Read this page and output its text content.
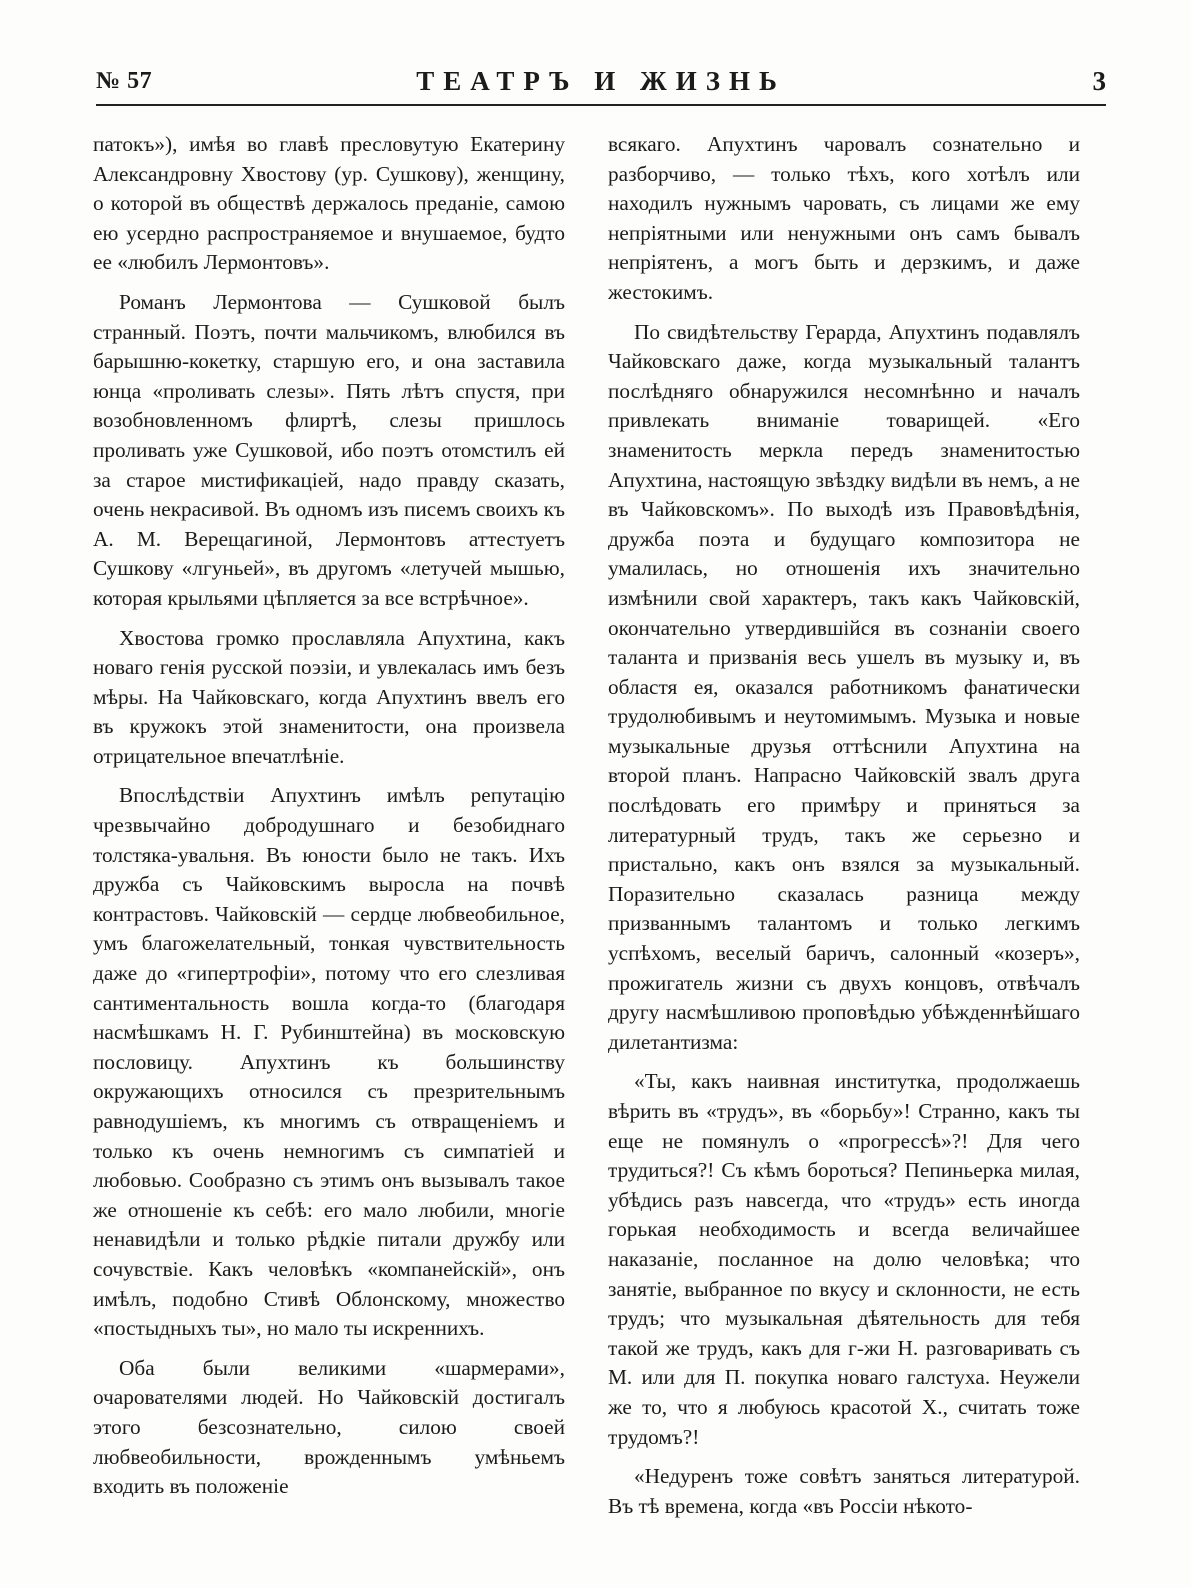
№ 57	ТЕАТРЪ И ЖИЗНЬ	3

патокъ»), имѣя во главѣ пресловутую Екатерину Александровну Хвостову (ур. Сушкову), женщину, о которой въ обществѣ держалось преданіе, самою ею усердно распространяемое и внушаемое, будто ее «любилъ Лермонтовъ».

Романъ Лермонтова — Сушковой былъ странный. Поэтъ, почти мальчикомъ, влюбился въ барышню-кокетку, старшую его, и она заставила юнца «проливать слезы». Пять лѣтъ спустя, при возобновленномъ флиртѣ, слезы пришлось проливать уже Сушковой, ибо поэтъ отомстилъ ей за старое мистификацiей, надо правду сказать, очень некрасивой. Въ одномъ изъ писемъ своихъ къ А. М. Верещагиной, Лермонтовъ аттестуетъ Сушкову «лгуньей», въ другомъ «летучей мышью, которая крыльями цѣпляется за все встрѣчное».

Хвостова громко прославляла Апухтина, какъ новаго генія русской поэзіи, и увлекалась имъ безъ мѣры. На Чайковскаго, когда Апухтинъ ввелъ его въ кружокъ этой знаменитости, она произвела отрицательное впечатлѣніе.

Впослѣдствіи Апухтинъ имѣлъ репутацію чрезвычайно добродушнаго и безобиднаго толстяка-увальня. Въ юности было не такъ. Ихъ дружба съ Чайковскимъ выросла на почвѣ контрастовъ. Чайковскій — сердце любвеобильное, умъ благожелательный, тонкая чувствительность даже до «гипертрофіи», потому что его слезливая сантиментальность вошла когда-то (благодаря насмѣшкамъ Н. Г. Рубинштейна) въ московскую пословицу. Апухтинъ къ большинству окружающихъ относился съ презрительнымъ равнодушіемъ, къ многимъ съ отвращеніемъ и только къ очень немногимъ съ симпатіей и любовью. Сообразно съ этимъ онъ вызывалъ такое же отношеніе къ себѣ: его мало любили, многіе ненавидѣли и только рѣдкіе питали дружбу или сочувствіе. Какъ человѣкъ «компанейскій», онъ имѣлъ, подобно Стивѣ Облонскому, множество «постыдныхъ ты», но мало ты искреннихъ.

Оба были великими «шармерами», очарователями людей. Но Чайковскій достигалъ этого безсознательно, силою своей любвеобильности, врожденнымъ умѣньемъ входить въ положеніе

всякаго. Апухтинъ чаровалъ сознательно и разборчиво, — только тѣхъ, кого хотѣлъ или находилъ нужнымъ чаровать, съ лицами же ему непріятными или ненужными онъ самъ бывалъ непріятенъ, а могъ быть и дерзкимъ, и даже жестокимъ.

По свидѣтельству Герарда, Апухтинъ подавлялъ Чайковскаго даже, когда музыкальный талантъ послѣдняго обнаружился несомнѣнно и началъ привлекать вниманіе товарищей. «Его знаменитость меркла передъ знаменитостью Апухтина, настоящую звѣздку видѣли въ немъ, а не въ Чайковскомъ». По выходѣ изъ Правовѣдѣнія, дружба поэта и будущаго композитора не умалилась, но отношенія ихъ значительно измѣнили свой характеръ, такъ какъ Чайковскій, окончательно утвердившійся въ сознаніи своего таланта и призванія весь ушелъ въ музыку и, въ областя ея, оказался работникомъ фанатически трудолюбивымъ и неутомимымъ. Музыка и новые музыкальные друзья оттѣснили Апухтина на второй планъ. Напрасно Чайковскій звалъ друга послѣдовать его примѣру и приняться за литературный трудъ, такъ же серьезно и пристально, какъ онъ взялся за музыкальный. Поразительно сказалась разница между призваннымъ талантомъ и только легкимъ успѣхомъ, веселый баричъ, салонный «козеръ», прожигатель жизни съ двухъ концовъ, отвѣчалъ другу насмѣшливою проповѣдью убѣжденнѣйшаго дилетантизма:

«Ты, какъ наивная институтка, продолжаешь вѣрить въ «трудъ», въ «борьбу»! Странно, какъ ты еще не помянулъ о «прогрессѣ»?! Для чего трудиться?! Съ кѣмъ бороться? Пепиньерка милая, убѣдись разъ навсегда, что «трудъ» есть иногда горькая необходимость и всегда величайшее наказаніе, посланное на долю человѣка; что занятіе, выбранное по вкусу и склонности, не есть трудъ; что музыкальная дѣятельность для тебя такой же трудъ, какъ для г-жи Н. разговаривать съ М. или для П. покупка новаго галстуха. Неужели же то, что я любуюсь красотой Х., считать тоже трудомъ?!

«Недуренъ тоже совѣтъ заняться литературой. Въ тѣ времена, когда «въ Россіи нѣкото-
